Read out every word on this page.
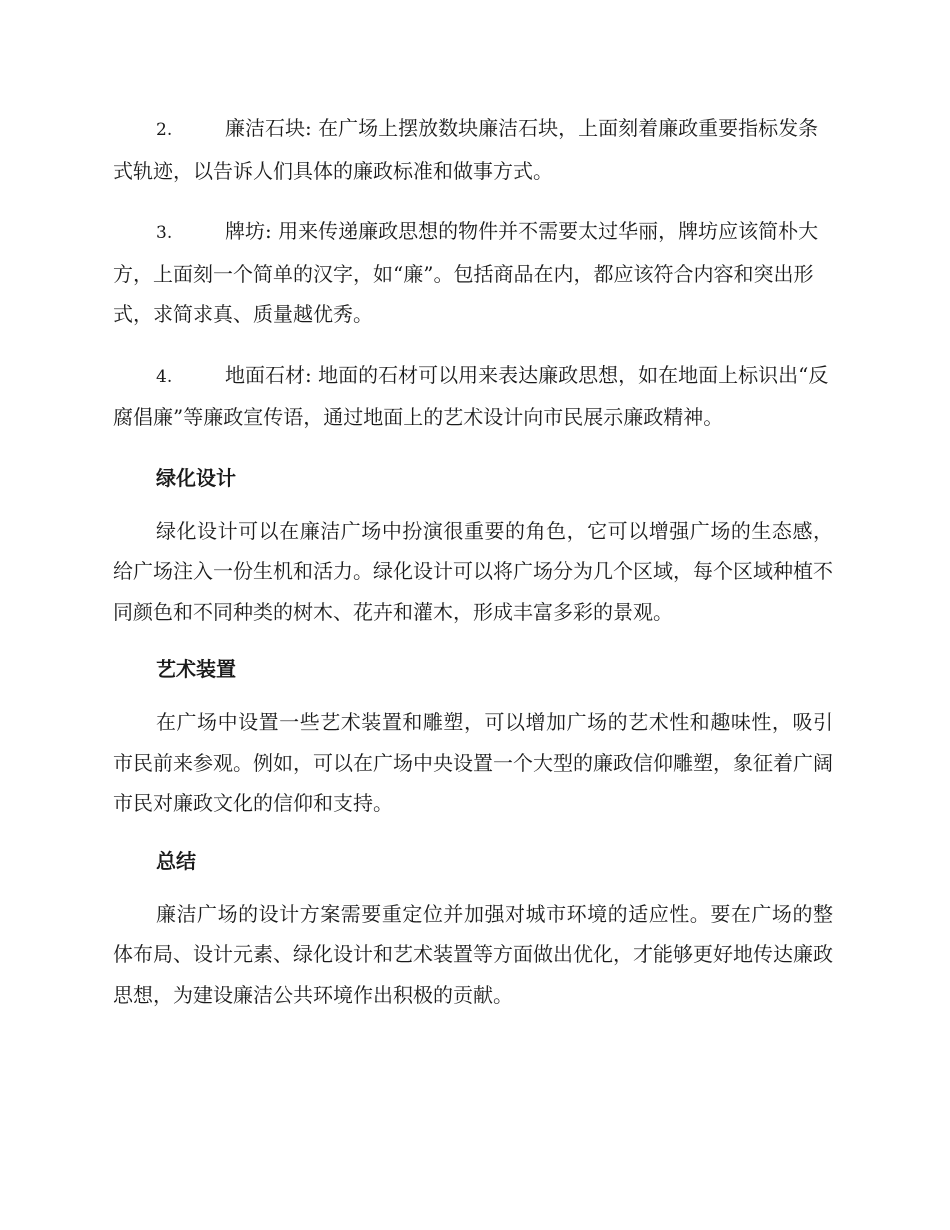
2.	廉洁石块: 在广场上摆放数块廉洁石块，上面刻着廉政重要指标发条式轨迹，以告诉人们具体的廉政标准和做事方式。

3.	牌坊: 用来传递廉政思想的物件并不需要太过华丽，牌坊应该简朴大方，上面刻一个简单的汉字，如“廉”。包括商品在内，都应该符合内容和突出形式，求简求真、质量越优秀。

4.	地面石材: 地面的石材可以用来表达廉政思想，如在地面上标识出“反腐倡廉”等廉政宣传语，通过地面上的艺术设计向市民展示廉政精神。

绿化设计

绿化设计可以在廉洁广场中扮演很重要的角色，它可以增强广场的生态感，给广场注入一份生机和活力。绿化设计可以将广场分为几个区域，每个区域种植不同颜色和不同种类的树木、花卉和灌木，形成丰富多彩的景观。

艺术装置

在广场中设置一些艺术装置和雕塑，可以增加广场的艺术性和趣味性，吸引市民前来参观。例如，可以在广场中央设置一个大型的廉政信仰雕塑，象征着广阔市民对廉政文化的信仰和支持。

总结

廉洁广场的设计方案需要重定位并加强对城市环境的适应性。要在广场的整体布局、设计元素、绿化设计和艺术装置等方面做出优化，才能够更好地传达廉政思想，为建设廉洁公共环境作出积极的贡献。
